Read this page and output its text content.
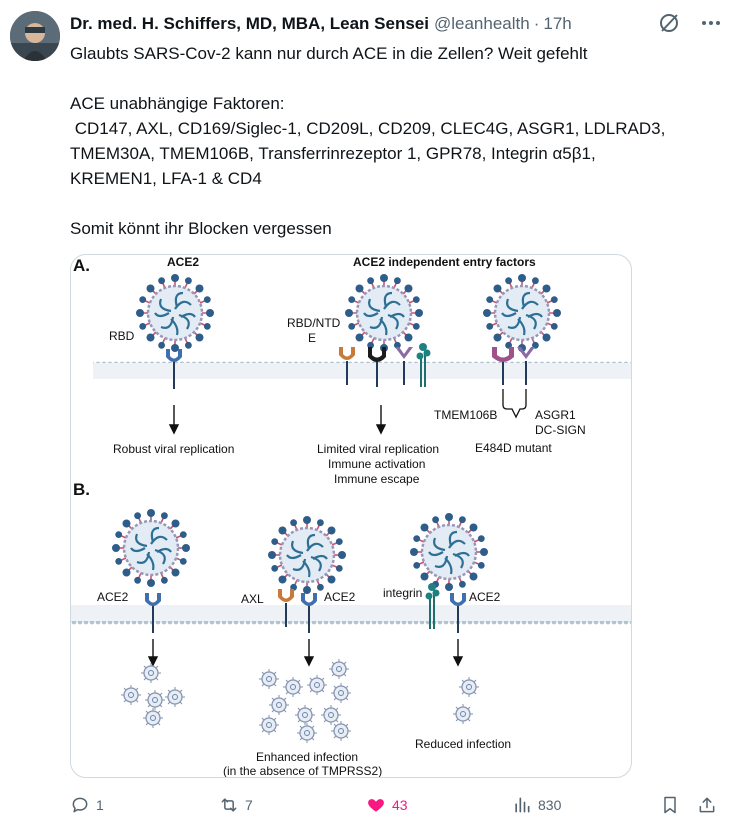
Dr. med. H. Schiffers, MD, MBA, Lean Sensei @leanhealth · 17h
Glaubts SARS-Cov-2 kann nur durch ACE in die Zellen? Weit gefehlt

ACE unabhängige Faktoren:
CD147, AXL, CD169/Siglec-1, CD209L, CD209, CLEC4G, ASGR1, LDLRAD3,
TMEM30A, TMEM106B, Transferrinrezeptor 1, GPR78, Integrin α5β1,
KREMEN1, LFA-1 & CD4

Somit könnt ihr Blocken vergessen
A.	ACE2	ACE2 independent entry factors
RBD
RBD/NTD
E
TMEM106B	ASGR1
DC-SIGN
E484D mutant
Robust viral replication	Limited viral replication
Immune activation
Immune escape
B.
ACE2	AXL	ACE2 integrin	ACE2
Enhanced infection
(in the absence of TMPRSS2)
Reduced infection
1	7	43	830
